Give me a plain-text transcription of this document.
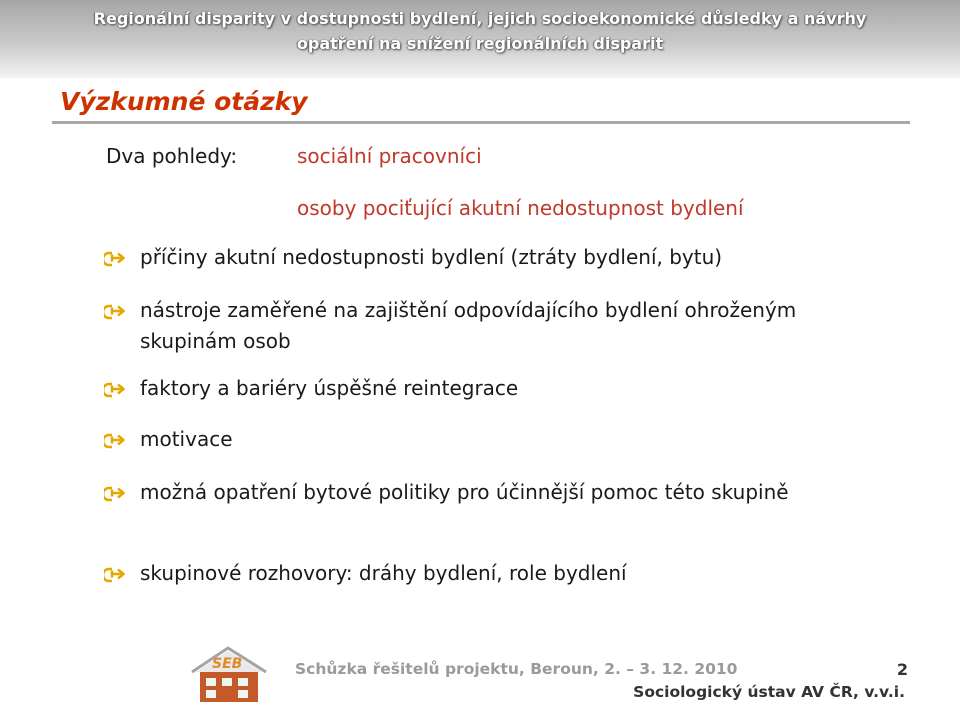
Regionální disparity v dostupnosti bydlení, jejich socioekonomické důsledky a návrhy
opatření na snížení regionálních disparit
Výzkumné otázky
Dva pohledy:	sociální pracovníci
osoby pociťující akutní nedostupnost bydlení
příčiny akutní nedostupnosti bydlení (ztráty bydlení, bytu)
nástroje zaměřené na zajištění odpovídajícího bydlení ohroženým skupinám osob
faktory a bariéry úspěšné reintegrace
motivace
možná opatření bytové politiky pro účinnější pomoc této skupině
skupinové rozhovory: dráhy bydlení, role bydlení
SEB	Schůzka řešitelů projektu, Beroun, 2. – 3. 12. 2010	2
Sociologický ústav AV ČR, v.v.i.
